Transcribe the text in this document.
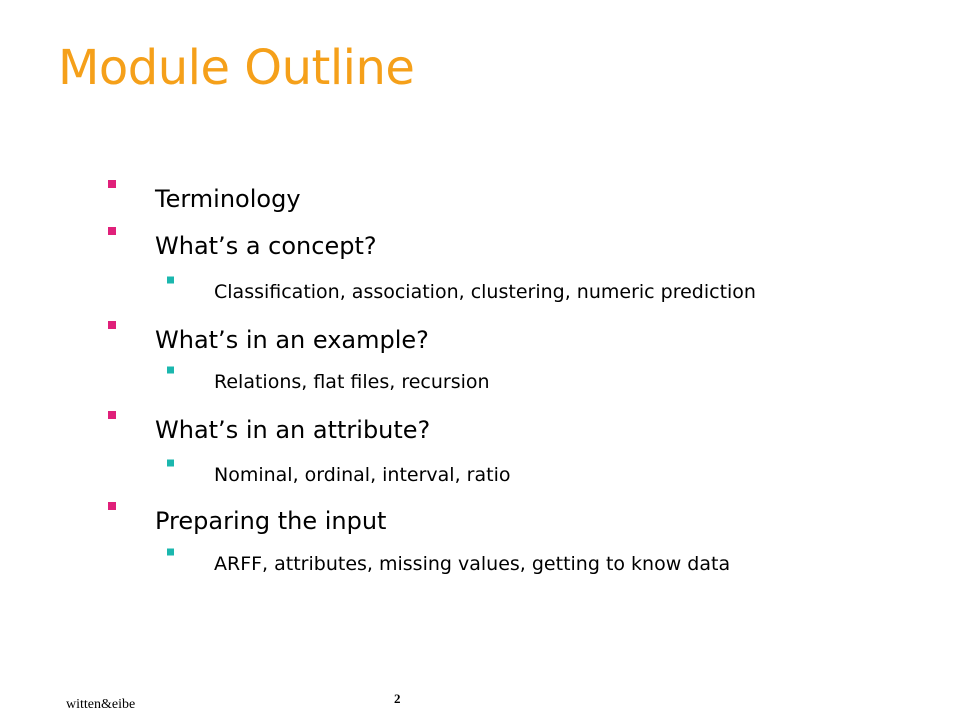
Module Outline
Terminology
What’s a concept?
Classification, association, clustering, numeric prediction
What’s in an example?
Relations, flat files, recursion
What’s in an attribute?
Nominal, ordinal, interval, ratio
Preparing the input
ARFF, attributes, missing values, getting to know data
witten&eibe	2
